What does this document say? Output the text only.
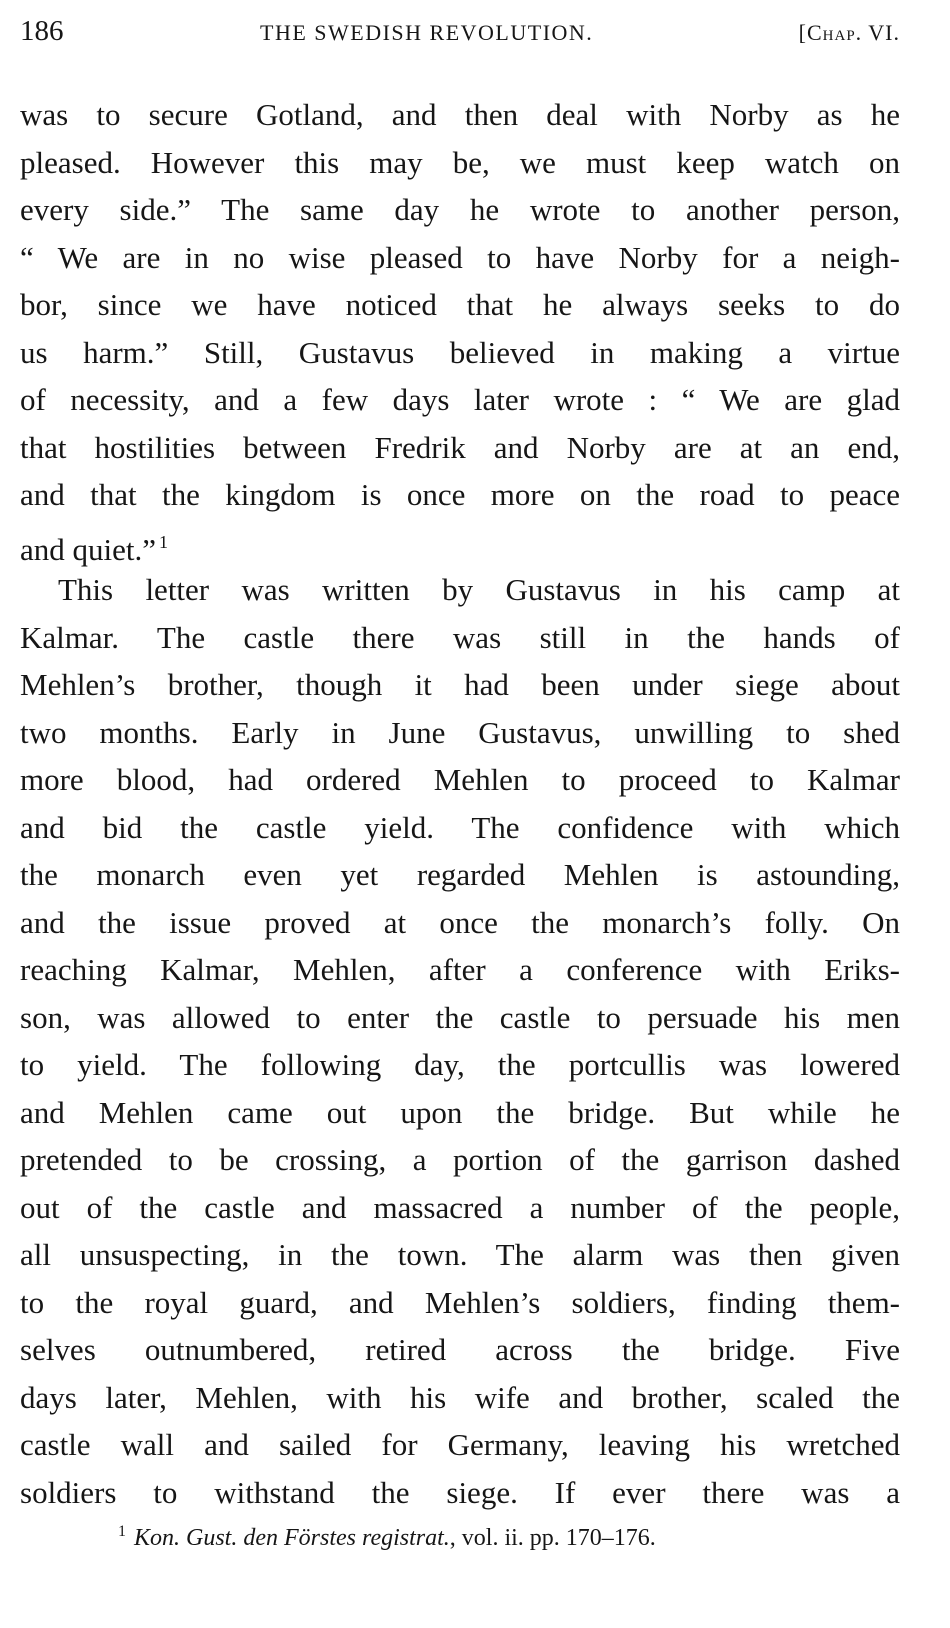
186	THE SWEDISH REVOLUTION.	[Chap. VI.
was to secure Gotland, and then deal with Norby as he
pleased. However this may be, we must keep watch on
every side.” The same day he wrote to another person,
“ We are in no wise pleased to have Norby for a neigh-
bor, since we have noticed that he always seeks to do
us harm.” Still, Gustavus believed in making a virtue
of necessity, and a few days later wrote : “ We are glad
that hostilities between Fredrik and Norby are at an end,
and that the kingdom is once more on the road to peace
and quiet.” $^1$
This letter was written by Gustavus in his camp at
Kalmar. The castle there was still in the hands of
Mehlen’s brother, though it had been under siege about
two months. Early in June Gustavus, unwilling to shed
more blood, had ordered Mehlen to proceed to Kalmar
and bid the castle yield. The confidence with which
the monarch even yet regarded Mehlen is astounding,
and the issue proved at once the monarch’s folly. On
reaching Kalmar, Mehlen, after a conference with Eriks-
son, was allowed to enter the castle to persuade his men
to yield. The following day, the portcullis was lowered
and Mehlen came out upon the bridge. But while he
pretended to be crossing, a portion of the garrison dashed
out of the castle and massacred a number of the people,
all unsuspecting, in the town. The alarm was then given
to the royal guard, and Mehlen’s soldiers, finding them-
selves outnumbered, retired across the bridge. Five
days later, Mehlen, with his wife and brother, scaled the
castle wall and sailed for Germany, leaving his wretched
soldiers to withstand the siege. If ever there was a
$^1$ Kon. Gust. den Förstes registrat., vol. ii. pp. 170–176.
